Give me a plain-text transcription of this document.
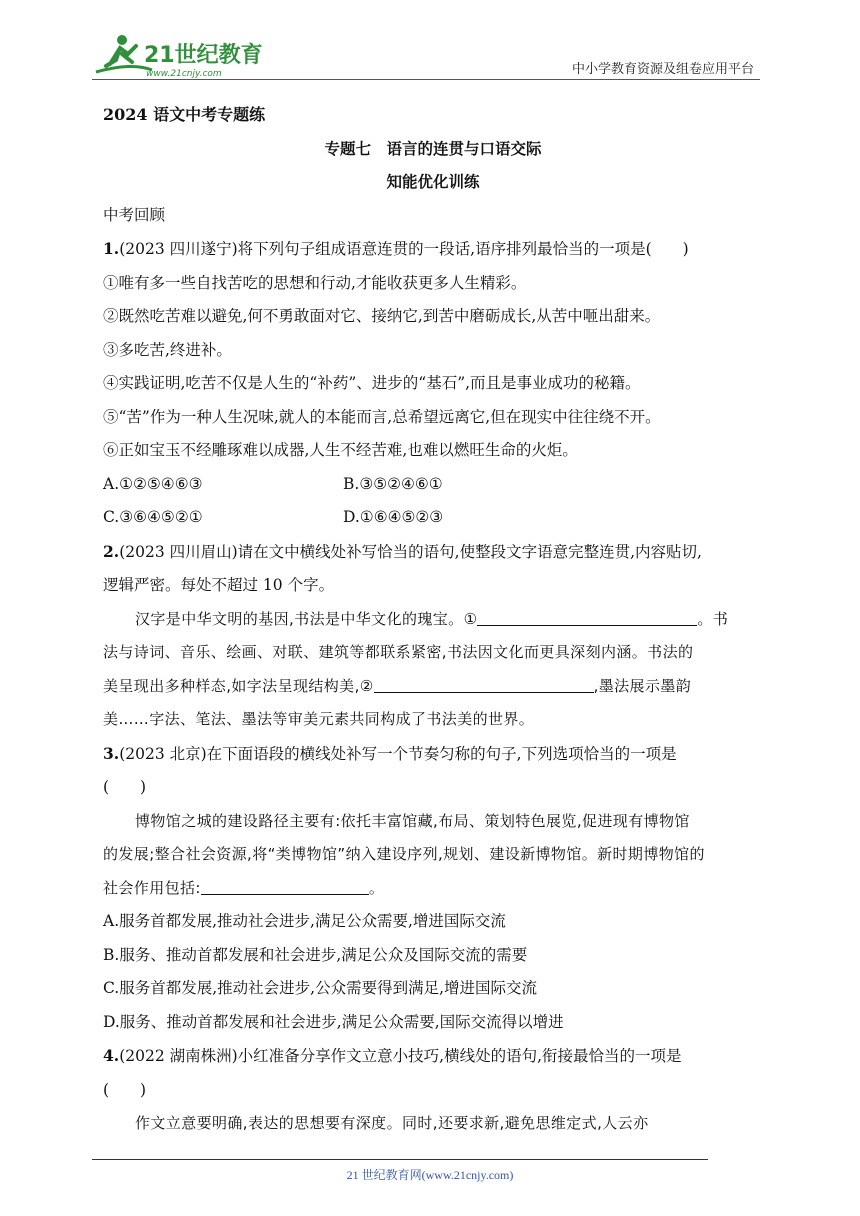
21世纪教育
www.21cnjy.com	中小学教育资源及组卷应用平台
2024 语文中考专题练
专题七　语言的连贯与口语交际
知能优化训练
中考回顾
1.(2023 四川遂宁)将下列句子组成语意连贯的一段话,语序排列最恰当的一项是(　　)
①唯有多一些自找苦吃的思想和行动,才能收获更多人生精彩。
②既然吃苦难以避免,何不勇敢面对它、接纳它,到苦中磨砺成长,从苦中咂出甜来。
③多吃苦,终进补。
④实践证明,吃苦不仅是人生的“补药”、进步的“基石”,而且是事业成功的秘籍。
⑤“苦”作为一种人生况味,就人的本能而言,总希望远离它,但在现实中往往绕不开。
⑥正如宝玉不经雕琢难以成器,人生不经苦难,也难以燃旺生命的火炬。
A.①②⑤④⑥③	B.③⑤②④⑥①
C.③⑥④⑤②①	D.①⑥④⑤②③
2.(2023 四川眉山)请在文中横线处补写恰当的语句,使整段文字语意完整连贯,内容贴切,
逻辑严密。每处不超过 10 个字。
汉字是中华文明的基因,书法是中华文化的瑰宝。①	。书
法与诗词、音乐、绘画、对联、建筑等都联系紧密,书法因文化而更具深刻内涵。书法的
美呈现出多种样态,如字法呈现结构美,②	,墨法展示墨韵
美……字法、笔法、墨法等审美元素共同构成了书法美的世界。
3.(2023 北京)在下面语段的横线处补写一个节奏匀称的句子,下列选项恰当的一项是
(　　)
博物馆之城的建设路径主要有:依托丰富馆藏,布局、策划特色展览,促进现有博物馆
的发展;整合社会资源,将“类博物馆”纳入建设序列,规划、建设新博物馆。新时期博物馆的
社会作用包括:	。
A.服务首都发展,推动社会进步,满足公众需要,增进国际交流
B.服务、推动首都发展和社会进步,满足公众及国际交流的需要
C.服务首都发展,推动社会进步,公众需要得到满足,增进国际交流
D.服务、推动首都发展和社会进步,满足公众需要,国际交流得以增进
4.(2022 湖南株洲)小红准备分享作文立意小技巧,横线处的语句,衔接最恰当的一项是
(　　)
作文立意要明确,表达的思想要有深度。同时,还要求新,避免思维定式,人云亦
21 世纪教育网(www.21cnjy.com)
